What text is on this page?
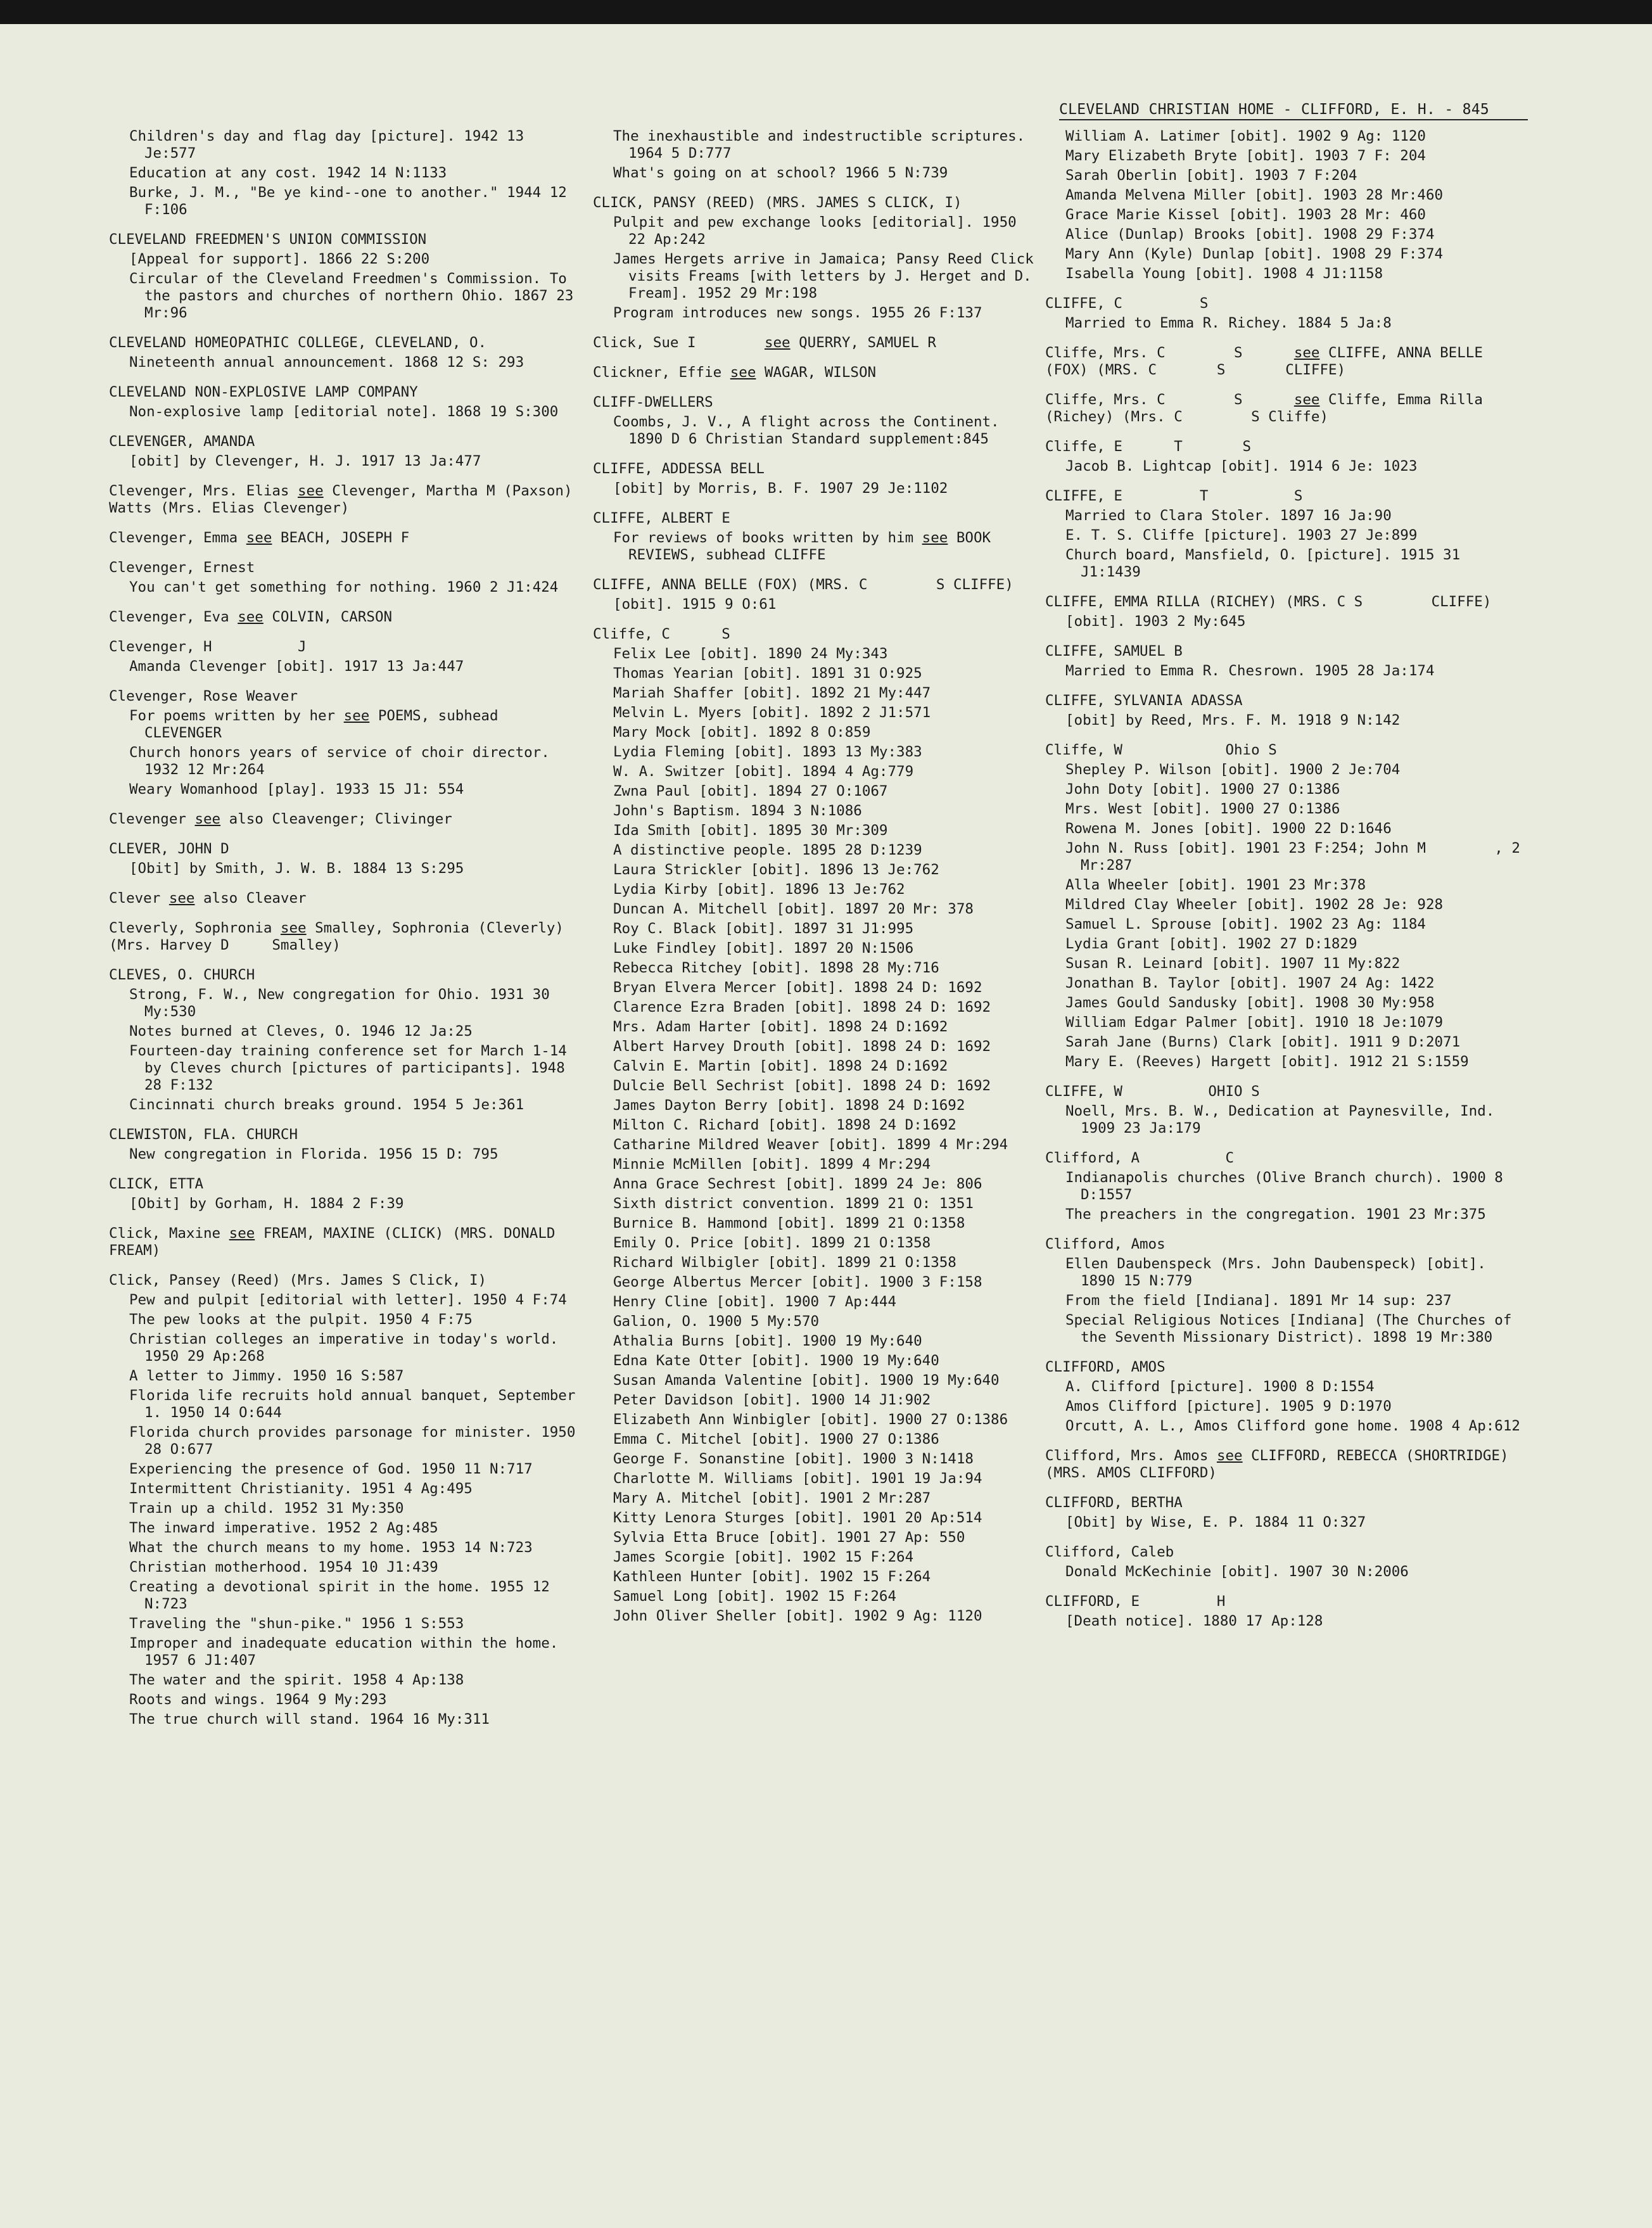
CLEVELAND CHRISTIAN HOME - CLIFFORD, E. H. - 845
Children's day and flag day [picture]. 1942 13 Je:577
Education at any cost. 1942 14 N:1133
Burke, J. M., "Be ye kind--one to another." 1944 12 F:106
CLEVELAND FREEDMEN'S UNION COMMISSION
[Appeal for support]. 1866 22 S:200
Circular of the Cleveland Freedmen's Commission. To the pastors and churches of northern Ohio. 1867 23 Mr:96
CLEVELAND HOMEOPATHIC COLLEGE, CLEVELAND, O.
Nineteenth annual announcement. 1868 12 S: 293
CLEVELAND NON-EXPLOSIVE LAMP COMPANY
Non-explosive lamp [editorial note]. 1868 19 S:300
CLEVENGER, AMANDA
[obit] by Clevenger, H. J. 1917 13 Ja:477
Clevenger, Mrs. Elias see Clevenger, Martha M (Paxson) Watts (Mrs. Elias Clevenger)
Clevenger, Emma see BEACH, JOSEPH F
Clevenger, Ernest
You can't get something for nothing. 1960 2 J1:424
Clevenger, Eva see COLVIN, CARSON
Clevenger, H          J
Amanda Clevenger [obit]. 1917 13 Ja:447
Clevenger, Rose Weaver
For poems written by her see POEMS, subhead CLEVENGER
Church honors years of service of choir director. 1932 12 Mr:264
Weary Womanhood [play]. 1933 15 J1: 554
Clevenger see also Cleavenger; Clivinger
CLEVER, JOHN D
[Obit] by Smith, J. W. B. 1884 13 S:295
Clever see also Cleaver
Cleverly, Sophronia see Smalley, Sophronia (Cleverly) (Mrs. Harvey D     Smalley)
CLEVES, O. CHURCH
Strong, F. W., New congregation for Ohio. 1931 30 My:530
Notes burned at Cleves, O. 1946 12 Ja:25
Fourteen-day training conference set for March 1-14 by Cleves church [pictures of participants]. 1948 28 F:132
Cincinnati church breaks ground. 1954 5 Je:361
CLEWISTON, FLA. CHURCH
New congregation in Florida. 1956 15 D: 795
CLICK, ETTA
[Obit] by Gorham, H. 1884 2 F:39
Click, Maxine see FREAM, MAXINE (CLICK) (MRS. DONALD FREAM)
Click, Pansey (Reed) (Mrs. James S Click, I)
Pew and pulpit [editorial with letter]. 1950 4 F:74
The pew looks at the pulpit. 1950 4 F:75
Christian colleges an imperative in today's world. 1950 29 Ap:268
A letter to Jimmy. 1950 16 S:587
Florida life recruits hold annual banquet, September 1. 1950 14 O:644
Florida church provides parsonage for minister. 1950 28 O:677
Experiencing the presence of God. 1950 11 N:717
Intermittent Christianity. 1951 4 Ag:495
Train up a child. 1952 31 My:350
The inward imperative. 1952 2 Ag:485
What the church means to my home. 1953 14 N:723
Christian motherhood. 1954 10 J1:439
Creating a devotional spirit in the home. 1955 12 N:723
Traveling the "shun-pike." 1956 1 S:553
Improper and inadequate education within the home. 1957 6 J1:407
The water and the spirit. 1958 4 Ap:138
Roots and wings. 1964 9 My:293
The true church will stand. 1964 16 My:311
The inexhaustible and indestructible scriptures. 1964 5 D:777
What's going on at school? 1966 5 N:739
CLICK, PANSY (REED) (MRS. JAMES S CLICK, I)
Pulpit and pew exchange looks [editorial]. 1950 22 Ap:242
James Hergets arrive in Jamaica; Pansy Reed Click visits Freams [with letters by J. Herget and D. Fream]. 1952 29 Mr:198
Program introduces new songs. 1955 26 F:137
Click, Sue I        see QUERRY, SAMUEL R
Clickner, Effie see WAGAR, WILSON
CLIFF-DWELLERS
Coombs, J. V., A flight across the Continent. 1890 D 6 Christian Standard supplement:845
CLIFFE, ADDESSA BELL
[obit] by Morris, B. F. 1907 29 Je:1102
CLIFFE, ALBERT E
For reviews of books written by him see BOOK REVIEWS, subhead CLIFFE
CLIFFE, ANNA BELLE (FOX) (MRS. C        S CLIFFE)
[obit]. 1915 9 O:61
Cliffe, C      S
Felix Lee [obit]. 1890 24 My:343
Thomas Yearian [obit]. 1891 31 O:925
Mariah Shaffer [obit]. 1892 21 My:447
Melvin L. Myers [obit]. 1892 2 J1:571
Mary Mock [obit]. 1892 8 O:859
Lydia Fleming [obit]. 1893 13 My:383
W. A. Switzer [obit]. 1894 4 Ag:779
Zwna Paul [obit]. 1894 27 O:1067
John's Baptism. 1894 3 N:1086
Ida Smith [obit]. 1895 30 Mr:309
A distinctive people. 1895 28 D:1239
Laura Strickler [obit]. 1896 13 Je:762
Lydia Kirby [obit]. 1896 13 Je:762
Duncan A. Mitchell [obit]. 1897 20 Mr: 378
Roy C. Black [obit]. 1897 31 J1:995
Luke Findley [obit]. 1897 20 N:1506
Rebecca Ritchey [obit]. 1898 28 My:716
Bryan Elvera Mercer [obit]. 1898 24 D: 1692
Clarence Ezra Braden [obit]. 1898 24 D: 1692
Mrs. Adam Harter [obit]. 1898 24 D:1692
Albert Harvey Drouth [obit]. 1898 24 D: 1692
Calvin E. Martin [obit]. 1898 24 D:1692
Dulcie Bell Sechrist [obit]. 1898 24 D: 1692
James Dayton Berry [obit]. 1898 24 D:1692
Milton C. Richard [obit]. 1898 24 D:1692
Catharine Mildred Weaver [obit]. 1899 4 Mr:294
Minnie McMillen [obit]. 1899 4 Mr:294
Anna Grace Sechrest [obit]. 1899 24 Je: 806
Sixth district convention. 1899 21 O: 1351
Burnice B. Hammond [obit]. 1899 21 O:1358
Emily O. Price [obit]. 1899 21 O:1358
Richard Wilbigler [obit]. 1899 21 O:1358
George Albertus Mercer [obit]. 1900 3 F:158
Henry Cline [obit]. 1900 7 Ap:444
Galion, O. 1900 5 My:570
Athalia Burns [obit]. 1900 19 My:640
Edna Kate Otter [obit]. 1900 19 My:640
Susan Amanda Valentine [obit]. 1900 19 My:640
Peter Davidson [obit]. 1900 14 J1:902
Elizabeth Ann Winbigler [obit]. 1900 27 O:1386
Emma C. Mitchel [obit]. 1900 27 O:1386
George F. Sonanstine [obit]. 1900 3 N:1418
Charlotte M. Williams [obit]. 1901 19 Ja:94
Mary A. Mitchel [obit]. 1901 2 Mr:287
Kitty Lenora Sturges [obit]. 1901 20 Ap:514
Sylvia Etta Bruce [obit]. 1901 27 Ap: 550
James Scorgie [obit]. 1902 15 F:264
Kathleen Hunter [obit]. 1902 15 F:264
Samuel Long [obit]. 1902 15 F:264
John Oliver Sheller [obit]. 1902 9 Ag: 1120
William A. Latimer [obit]. 1902 9 Ag: 1120
Mary Elizabeth Bryte [obit]. 1903 7 F: 204
Sarah Oberlin [obit]. 1903 7 F:204
Amanda Melvena Miller [obit]. 1903 28 Mr:460
Grace Marie Kissel [obit]. 1903 28 Mr: 460
Alice (Dunlap) Brooks [obit]. 1908 29 F:374
Mary Ann (Kyle) Dunlap [obit]. 1908 29 F:374
Isabella Young [obit]. 1908 4 J1:1158
CLIFFE, C         S
Married to Emma R. Richey. 1884 5 Ja:8
Cliffe, Mrs. C        S      see CLIFFE, ANNA BELLE (FOX) (MRS. C       S       CLIFFE)
Cliffe, Mrs. C        S      see Cliffe, Emma Rilla (Richey) (Mrs. C        S Cliffe)
Cliffe, E      T       S
Jacob B. Lightcap [obit]. 1914 6 Je: 1023
CLIFFE, E         T          S
Married to Clara Stoler. 1897 16 Ja:90
E. T. S. Cliffe [picture]. 1903 27 Je:899
Church board, Mansfield, O. [picture]. 1915 31 J1:1439
CLIFFE, EMMA RILLA (RICHEY) (MRS. C S        CLIFFE)
[obit]. 1903 2 My:645
CLIFFE, SAMUEL B
Married to Emma R. Chesrown. 1905 28 Ja:174
CLIFFE, SYLVANIA ADASSA
[obit] by Reed, Mrs. F. M. 1918 9 N:142
Cliffe, W            Ohio S
Shepley P. Wilson [obit]. 1900 2 Je:704
John Doty [obit]. 1900 27 O:1386
Mrs. West [obit]. 1900 27 O:1386
Rowena M. Jones [obit]. 1900 22 D:1646
John N. Russ [obit]. 1901 23 F:254; John M        , 2 Mr:287
Alla Wheeler [obit]. 1901 23 Mr:378
Mildred Clay Wheeler [obit]. 1902 28 Je: 928
Samuel L. Sprouse [obit]. 1902 23 Ag: 1184
Lydia Grant [obit]. 1902 27 D:1829
Susan R. Leinard [obit]. 1907 11 My:822
Jonathan B. Taylor [obit]. 1907 24 Ag: 1422
James Gould Sandusky [obit]. 1908 30 My:958
William Edgar Palmer [obit]. 1910 18 Je:1079
Sarah Jane (Burns) Clark [obit]. 1911 9 D:2071
Mary E. (Reeves) Hargett [obit]. 1912 21 S:1559
CLIFFE, W          OHIO S
Noell, Mrs. B. W., Dedication at Paynesville, Ind. 1909 23 Ja:179
Clifford, A          C
Indianapolis churches (Olive Branch church). 1900 8 D:1557
The preachers in the congregation. 1901 23 Mr:375
Clifford, Amos
Ellen Daubenspeck (Mrs. John Daubenspeck) [obit]. 1890 15 N:779
From the field [Indiana]. 1891 Mr 14 sup: 237
Special Religious Notices [Indiana] (The Churches of the Seventh Missionary District). 1898 19 Mr:380
CLIFFORD, AMOS
A. Clifford [picture]. 1900 8 D:1554
Amos Clifford [picture]. 1905 9 D:1970
Orcutt, A. L., Amos Clifford gone home. 1908 4 Ap:612
Clifford, Mrs. Amos see CLIFFORD, REBECCA (SHORTRIDGE) (MRS. AMOS CLIFFORD)
CLIFFORD, BERTHA
[Obit] by Wise, E. P. 1884 11 O:327
Clifford, Caleb
Donald McKechinie [obit]. 1907 30 N:2006
CLIFFORD, E         H
[Death notice]. 1880 17 Ap:128
